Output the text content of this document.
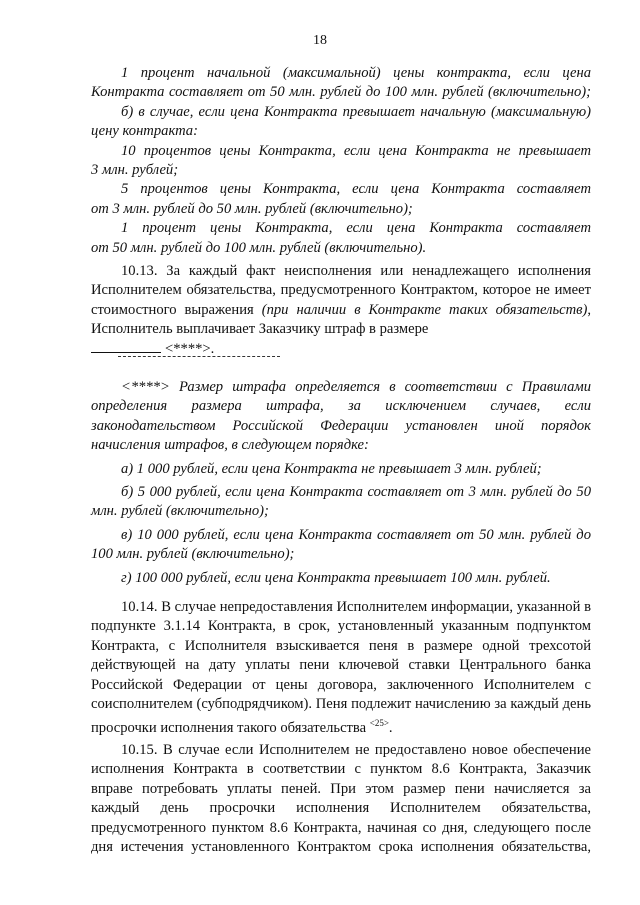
18
1 процент начальной (максимальной) цены контракта, если цена
Контракта составляет от 50 млн. рублей до 100 млн. рублей (включительно);
б) в случае, если цена Контракта превышает начальную (максимальную)
цену контракта:
10 процентов цены Контракта, если цена Контракта не превышает
3 млн. рублей;
5 процентов цены Контракта, если цена Контракта составляет
от 3 млн. рублей до 50 млн. рублей (включительно);
1 процент цены Контракта, если цена Контракта составляет
от 50 млн. рублей до 100 млн. рублей (включительно).

10.13. За каждый факт неисполнения или ненадлежащего исполнения Исполнителем обязательства, предусмотренного Контрактом, которое не имеет стоимостного выражения (при наличии в Контракте таких обязательств), Исполнитель выплачивает Заказчику штраф в размере

<****>.

<****> Размер штрафа определяется в соответствии с Правилами определения размера штрафа, за исключением случаев, если законодательством Российской Федерации установлен иной порядок начисления штрафов, в следующем порядке:

а) 1 000 рублей, если цена Контракта не превышает 3 млн. рублей;

б) 5 000 рублей, если цена Контракта составляет от 3 млн. рублей до 50 млн. рублей (включительно);

в) 10 000 рублей, если цена Контракта составляет от 50 млн. рублей до 100 млн. рублей (включительно);

г) 100 000 рублей, если цена Контракта превышает 100 млн. рублей.

10.14. В случае непредоставления Исполнителем информации, указанной в подпункте 3.1.14 Контракта, в срок, установленный указанным подпунктом Контракта, с Исполнителя взыскивается пеня в размере одной трехсотой действующей на дату уплаты пени ключевой ставки Центрального банка Российской Федерации от цены договора, заключенного Исполнителем с соисполнителем (субподрядчиком). Пеня подлежит начислению за каждый день просрочки исполнения такого обязательства $^{<25>}$.

10.15. В случае если Исполнителем не предоставлено новое обеспечение исполнения Контракта в соответствии с пунктом 8.6 Контракта, Заказчик вправе потребовать уплаты пеней. При этом размер пени начисляется за каждый день просрочки исполнения Исполнителем обязательства, предусмотренного пунктом 8.6 Контракта, начиная со дня, следующего после дня истечения установленного Контрактом срока исполнения обязательства,
